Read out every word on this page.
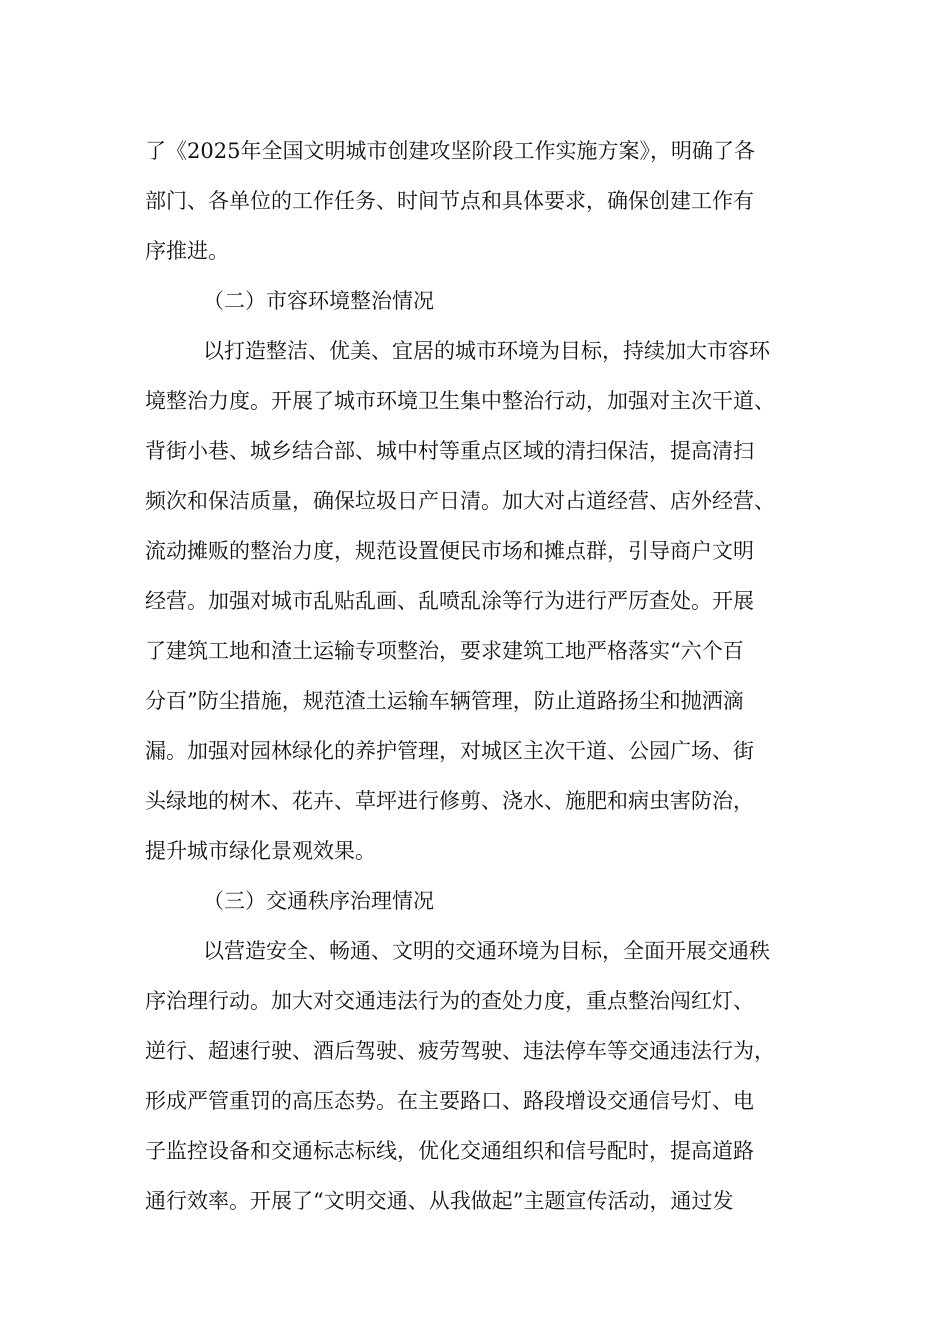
了《2025年全国文明城市创建攻坚阶段工作实施方案》，明确了各
部门、各单位的工作任务、时间节点和具体要求，确保创建工作有
序推进。
（二）市容环境整治情况
以打造整洁、优美、宜居的城市环境为目标，持续加大市容环
境整治力度。开展了城市环境卫生集中整治行动，加强对主次干道、
背街小巷、城乡结合部、城中村等重点区域的清扫保洁，提高清扫
频次和保洁质量，确保垃圾日产日清。加大对占道经营、店外经营、
流动摊贩的整治力度，规范设置便民市场和摊点群，引导商户文明
经营。加强对城市乱贴乱画、乱喷乱涂等行为进行严厉查处。开展
了建筑工地和渣土运输专项整治，要求建筑工地严格落实“六个百
分百”防尘措施，规范渣土运输车辆管理，防止道路扬尘和抛洒滴
漏。加强对园林绿化的养护管理，对城区主次干道、公园广场、街
头绿地的树木、花卉、草坪进行修剪、浇水、施肥和病虫害防治，
提升城市绿化景观效果。
（三）交通秩序治理情况
以营造安全、畅通、文明的交通环境为目标，全面开展交通秩
序治理行动。加大对交通违法行为的查处力度，重点整治闯红灯、
逆行、超速行驶、酒后驾驶、疲劳驾驶、违法停车等交通违法行为，
形成严管重罚的高压态势。在主要路口、路段增设交通信号灯、电
子监控设备和交通标志标线，优化交通组织和信号配时，提高道路
通行效率。开展了“文明交通、从我做起”主题宣传活动，通过发
